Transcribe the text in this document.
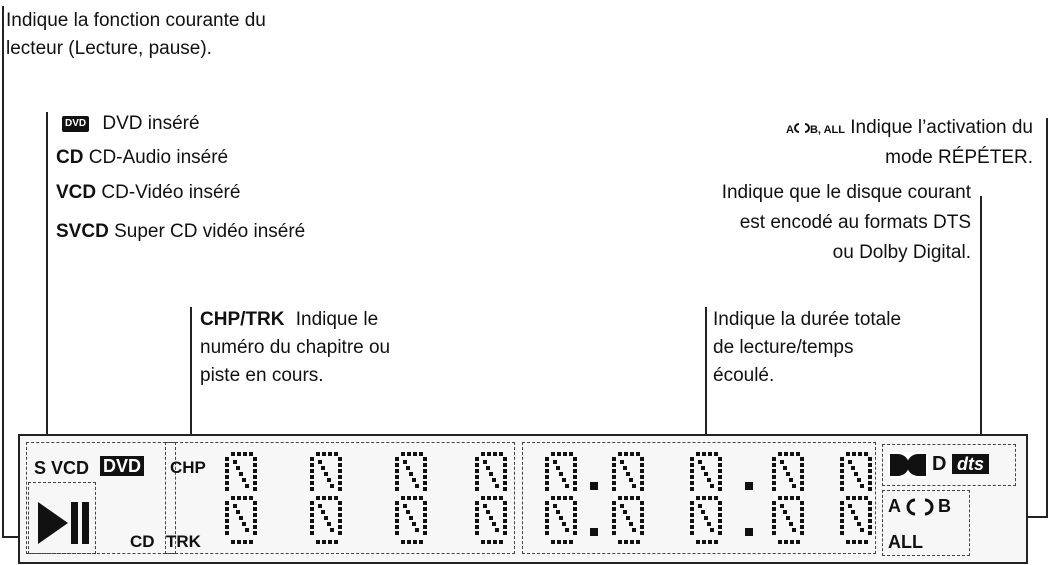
Indique la fonction courante du
lecteur (Lecture, pause).
DVD DVD inséré
CD CD-Audio inséré
VCD CD-Vidéo inséré
SVCD Super CD vidéo inséré
CHP/TRK Indique le
numéro du chapitre ou
piste en cours.
Indique la durée totale
de lecture/temps
écoulé.
A B, ALL Indique l’activation du
mode RÉPÉTER.
Indique que le disque courant
est encodé au formats DTS
ou Dolby Digital.
S VCD DVD CHP
CD TRK
D dts
A B
ALL
